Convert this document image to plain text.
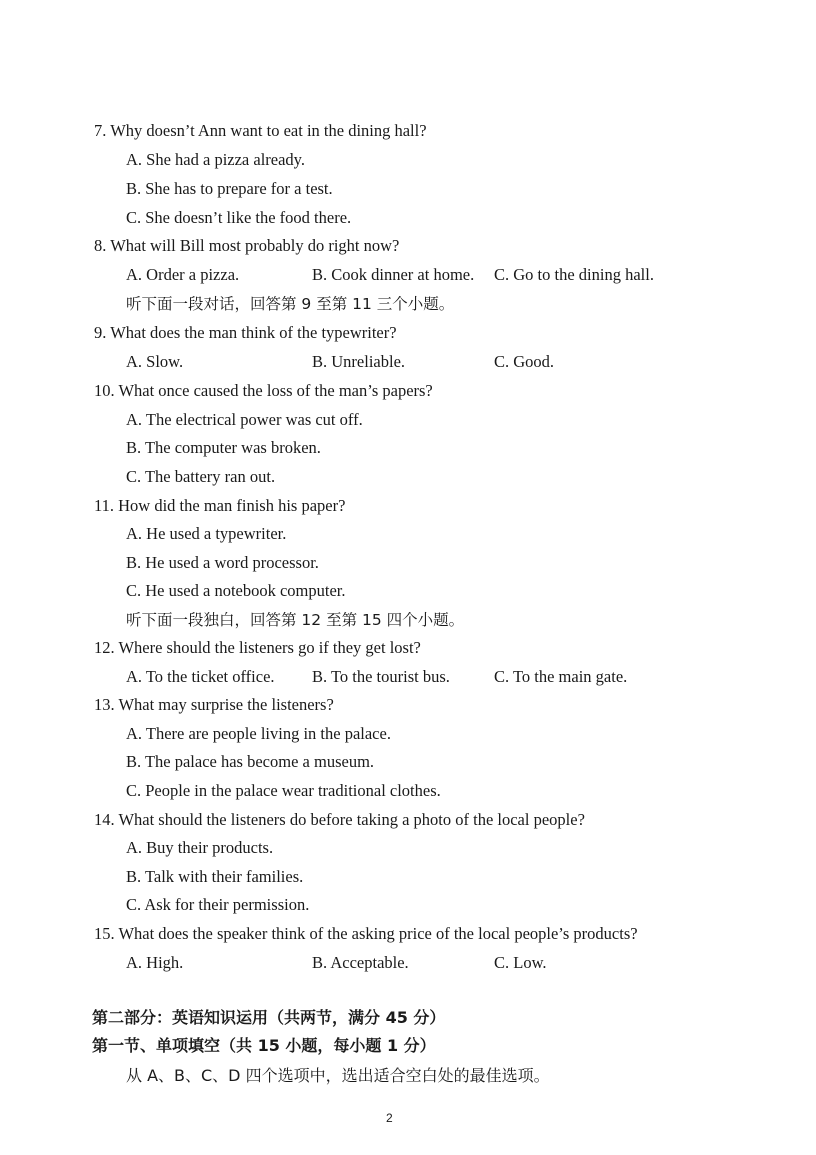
7. Why doesn’t Ann want to eat in the dining hall?
A. She had a pizza already.
B. She has to prepare for a test.
C. She doesn’t like the food there.
8. What will Bill most probably do right now?
A. Order a pizza.	B. Cook dinner at home. C. Go to the dining hall.
听下面一段对话，回答第 9 至第 11 三个小题。
9. What does the man think of the typewriter?
A. Slow.	B. Unreliable.	C. Good.
10. What once caused the loss of the man’s papers?
A. The electrical power was cut off.
B. The computer was broken.
C. The battery ran out.
11. How did the man finish his paper?
A. He used a typewriter.
B. He used a word processor.
C. He used a notebook computer.
听下面一段独白，回答第 12 至第 15 四个小题。
12. Where should the listeners go if they get lost?
A. To the ticket office. B. To the tourist bus.	C. To the main gate.
13. What may surprise the listeners?
A. There are people living in the palace.
B. The palace has become a museum.
C. People in the palace wear traditional clothes.
14. What should the listeners do before taking a photo of the local people?
A. Buy their products.
B. Talk with their families.
C. Ask for their permission.
15. What does the speaker think of the asking price of the local people’s products?
A. High.	B. Acceptable.	C. Low.
第二部分：英语知识运用（共两节，满分 45 分）
第一节、单项填空（共 15 小题，每小题 1 分）
从 A、B、C、D 四个选项中，选出适合空白处的最佳选项。
2
